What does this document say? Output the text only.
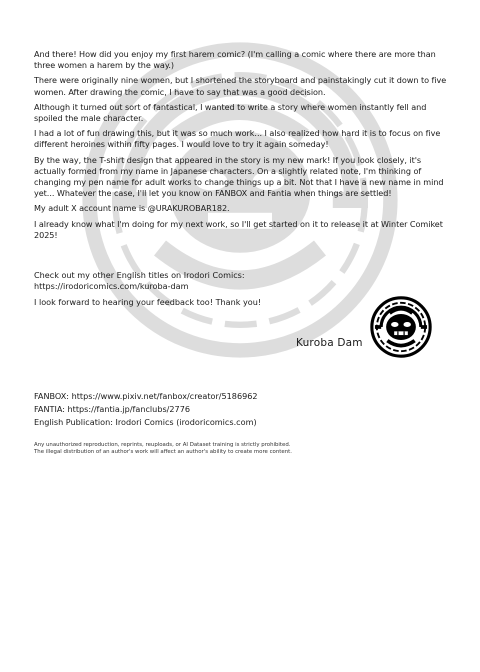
And there! How did you enjoy my first harem comic? (I'm calling a comic where there are more than three women a harem by the way.)

There were originally nine women, but I shortened the storyboard and painstakingly cut it down to five women. After drawing the comic, I have to say that was a good decision.

Although it turned out sort of fantastical, I wanted to write a story where women instantly fell and spoiled the male character.

I had a lot of fun drawing this, but it was so much work... I also realized how hard it is to focus on five different heroines within fifty pages. I would love to try it again someday!

By the way, the T-shirt design that appeared in the story is my new mark! If you look closely, it's actually formed from my name in Japanese characters. On a slightly related note, I'm thinking of changing my pen name for adult works to change things up a bit. Not that I have a new name in mind yet... Whatever the case, I'll let you know on FANBOX and Fantia when things are settled!

My adult X account name is @URAKUROBAR182.

I already know what I'm doing for my next work, so I'll get started on it to release it at Winter Comiket 2025!

Check out my other English titles on Irodori Comics: https://irodoricomics.com/kuroba-dam

I look forward to hearing your feedback too! Thank you!

Kuroba Dam
FANBOX: https://www.pixiv.net/fanbox/creator/5186962
FANTIA: https://fantia.jp/fanclubs/2776
English Publication: Irodori Comics (irodoricomics.com)
Any unauthorized reproduction, reprints, reuploads, or AI Dataset training is strictly prohibited.
The illegal distribution of an author's work will affect an author's ability to create more content.
